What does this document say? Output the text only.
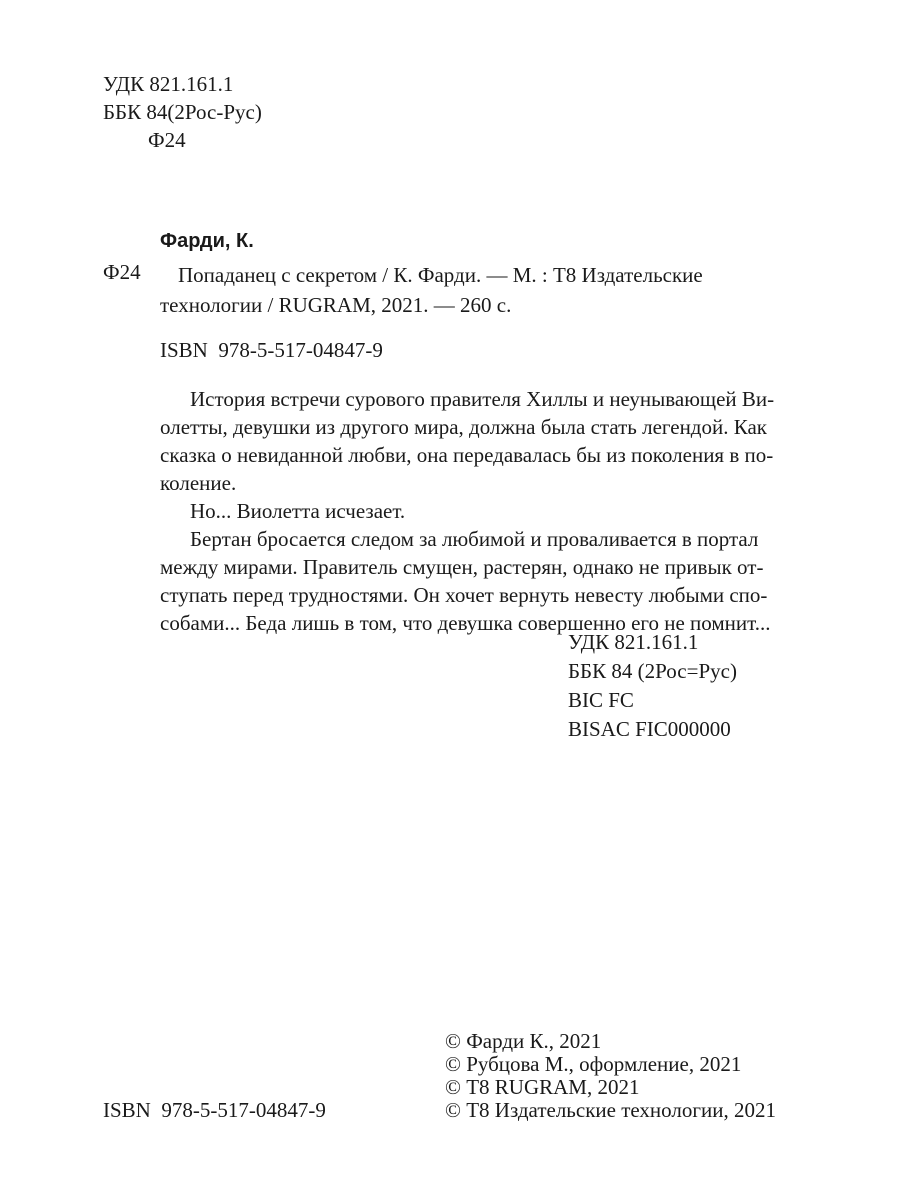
УДК 821.161.1
ББК 84(2Рос-Рус)
Ф24
Фарди, К.
Ф24	Попаданец с секретом / К. Фарди. — М. : Т8 Издательские
технологии / RUGRAM, 2021. — 260 с.
ISBN  978-5-517-04847-9
История встречи сурового правителя Хиллы и неунывающей Ви-
олетты, девушки из другого мира, должна была стать легендой. Как
сказка о невиданной любви, она передавалась бы из поколения в по-
коление.
Но... Виолетта исчезает.
Бертан бросается следом за любимой и проваливается в портал
между мирами. Правитель смущен, растерян, однако не привык от-
ступать перед трудностями. Он хочет вернуть невесту любыми спо-
собами... Беда лишь в том, что девушка совершенно его не помнит...
УДК 821.161.1
ББК 84 (2Рос=Рус)
BIC FC
BISAC FIC000000
© Фарди К., 2021
© Рубцова М., оформление, 2021
© Т8 RUGRAM, 2021
© Т8 Издательские технологии, 2021
ISBN  978-5-517-04847-9
